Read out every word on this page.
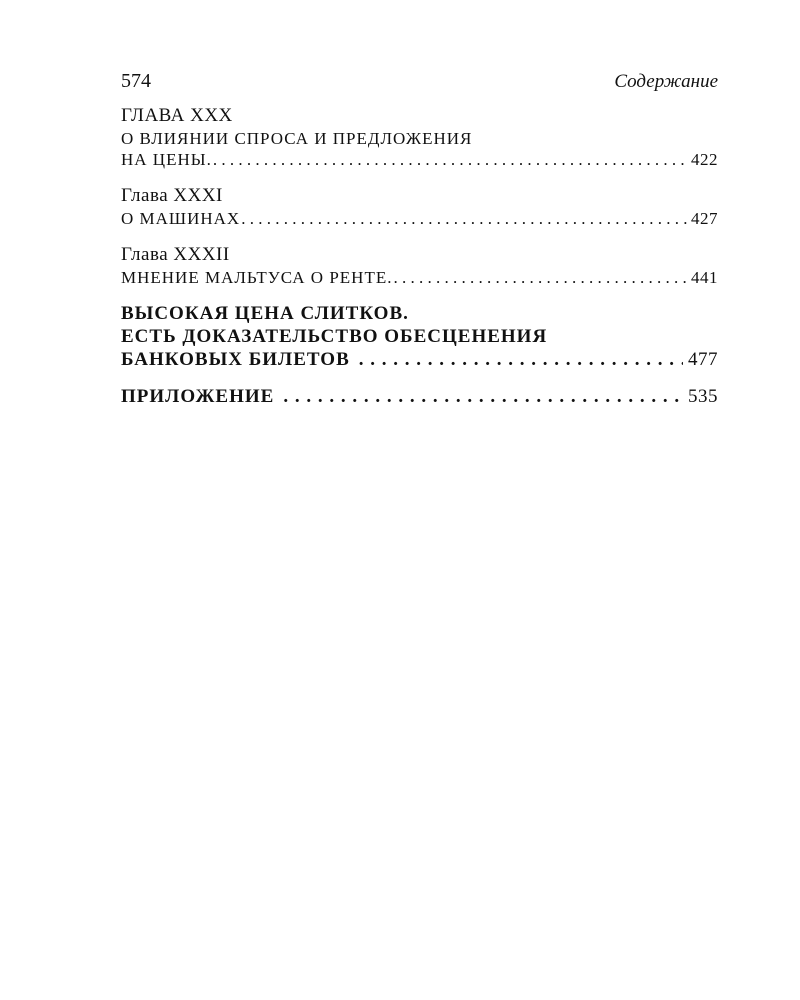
574	Содержание
ГЛАВА XXX
О ВЛИЯНИИ СПРОСА И ПРЕДЛОЖЕНИЯ
НА ЦЕНЫ. . . .	422
Глава XXXI
О МАШИНАХ . . .	427
Глава XXXII
МНЕНИЕ МАЛЬТУСА О РЕНТЕ. . . .	441
ВЫСОКАЯ ЦЕНА СЛИТКОВ.
ЕСТЬ ДОКАЗАТЕЛЬСТВО ОБЕСЦЕНЕНИЯ
БАНКОВЫХ БИЛЕТОВ . . .	477
ПРИЛОЖЕНИЕ . . .	535
